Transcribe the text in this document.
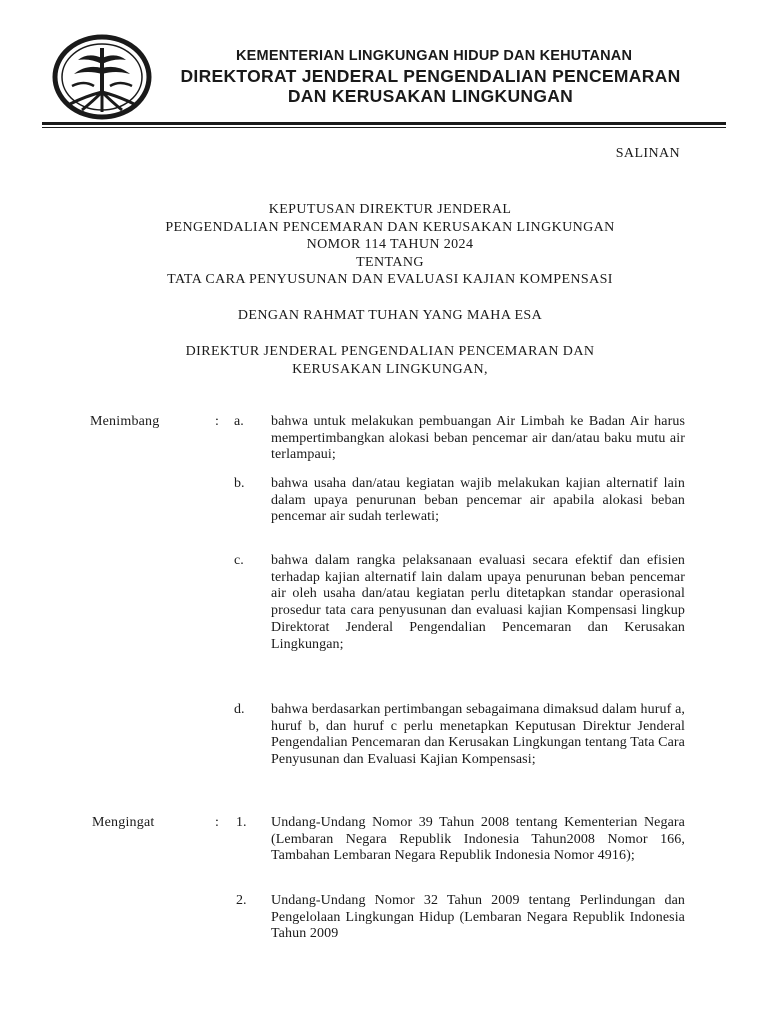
KEMENTERIAN LINGKUNGAN HIDUP DAN KEHUTANAN
DIREKTORAT JENDERAL PENGENDALIAN PENCEMARAN
DAN KERUSAKAN LINGKUNGAN
SALINAN
KEPUTUSAN DIREKTUR JENDERAL
PENGENDALIAN PENCEMARAN DAN KERUSAKAN LINGKUNGAN
NOMOR 114 TAHUN 2024
TENTANG
TATA CARA PENYUSUNAN DAN EVALUASI KAJIAN KOMPENSASI
DENGAN RAHMAT TUHAN YANG MAHA ESA
DIREKTUR JENDERAL PENGENDALIAN PENCEMARAN DAN
KERUSAKAN LINGKUNGAN,
Menimbang	: a. bahwa untuk melakukan pembuangan Air Limbah ke Badan Air harus mempertimbangkan alokasi beban pencemar air dan/atau baku mutu air terlampaui;
b. bahwa usaha dan/atau kegiatan wajib melakukan kajian alternatif lain dalam upaya penurunan beban pencemar air apabila alokasi beban pencemar air sudah terlewati;
c. bahwa dalam rangka pelaksanaan evaluasi secara efektif dan efisien terhadap kajian alternatif lain dalam upaya penurunan beban pencemar air oleh usaha dan/atau kegiatan perlu ditetapkan standar operasional prosedur tata cara penyusunan dan evaluasi kajian Kompensasi lingkup Direktorat Jenderal Pengendalian Pencemaran dan Kerusakan Lingkungan;
d. bahwa berdasarkan pertimbangan sebagaimana dimaksud dalam huruf a, huruf b, dan huruf c perlu menetapkan Keputusan Direktur Jenderal Pengendalian Pencemaran dan Kerusakan Lingkungan tentang Tata Cara Penyusunan dan Evaluasi Kajian Kompensasi;
Mengingat	: 1. Undang-Undang Nomor 39 Tahun 2008 tentang Kementerian Negara (Lembaran Negara Republik Indonesia Tahun2008 Nomor 166, Tambahan Lembaran Negara Republik Indonesia Nomor 4916);
2. Undang-Undang Nomor 32 Tahun 2009 tentang Perlindungan dan Pengelolaan Lingkungan Hidup (Lembaran Negara Republik Indonesia Tahun 2009
